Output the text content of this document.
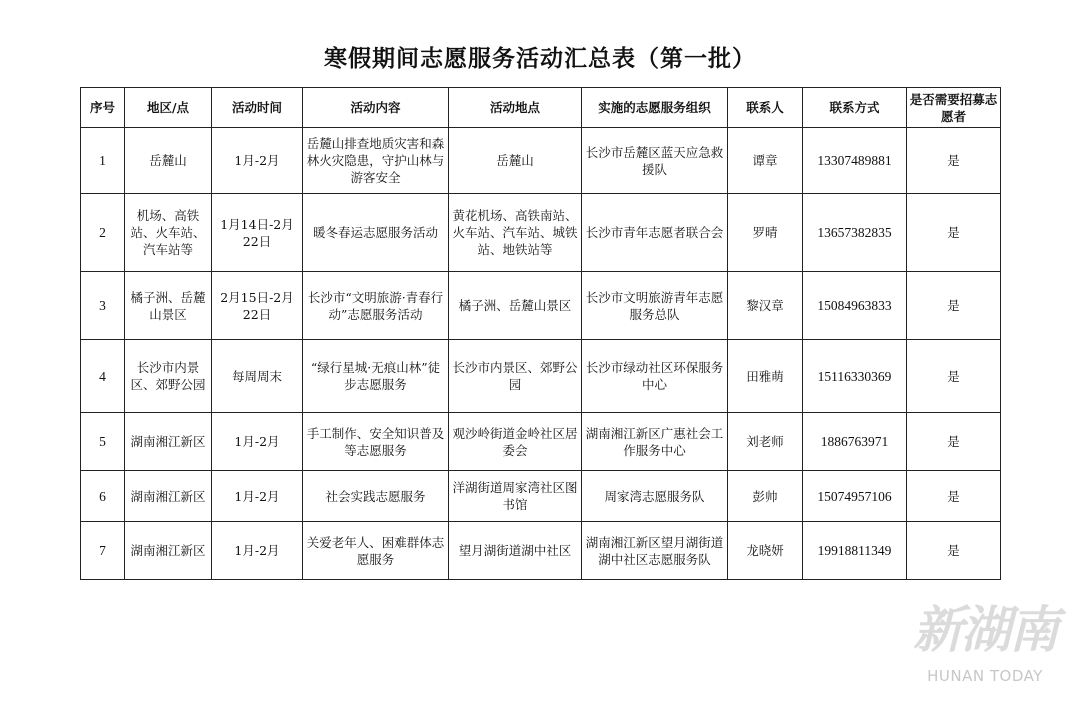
寒假期间志愿服务活动汇总表（第一批）
序号	地区/点	活动时间	活动内容	活动地点	实施的志愿服务组织	联系人	联系方式	是否需要招募志愿者
1	岳麓山	1月-2月	岳麓山排查地质灾害和森林火灾隐患，守护山林与游客安全	岳麓山	长沙市岳麓区蓝天应急救援队	谭章	13307489881	是
2	机场、高铁站、火车站、汽车站等	1月14日-2月22日	暖冬春运志愿服务活动	黄花机场、高铁南站、火车站、汽车站、城铁站、地铁站等	长沙市青年志愿者联合会	罗晴	13657382835	是
3	橘子洲、岳麓山景区	2月15日-2月22日	长沙市“文明旅游·青春行动”志愿服务活动	橘子洲、岳麓山景区	长沙市文明旅游青年志愿服务总队	黎汉章	15084963833	是
4	长沙市内景区、郊野公园	每周周末	“绿行星城·无痕山林”徒步志愿服务	长沙市内景区、郊野公园	长沙市绿动社区环保服务中心	田雅萌	15116330369	是
5	湖南湘江新区	1月-2月	手工制作、安全知识普及等志愿服务	观沙岭街道金岭社区居委会	湖南湘江新区广惠社会工作服务中心	刘老师	1886763971	是
6	湖南湘江新区	1月-2月	社会实践志愿服务	洋湖街道周家湾社区图书馆	周家湾志愿服务队	彭帅	15074957106	是
7	湖南湘江新区	1月-2月	关爱老年人、困难群体志愿服务	望月湖街道湖中社区	湖南湘江新区望月湖街道湖中社区志愿服务队	龙晓妍	19918811349	是
新湖南
HUNAN TODAY
